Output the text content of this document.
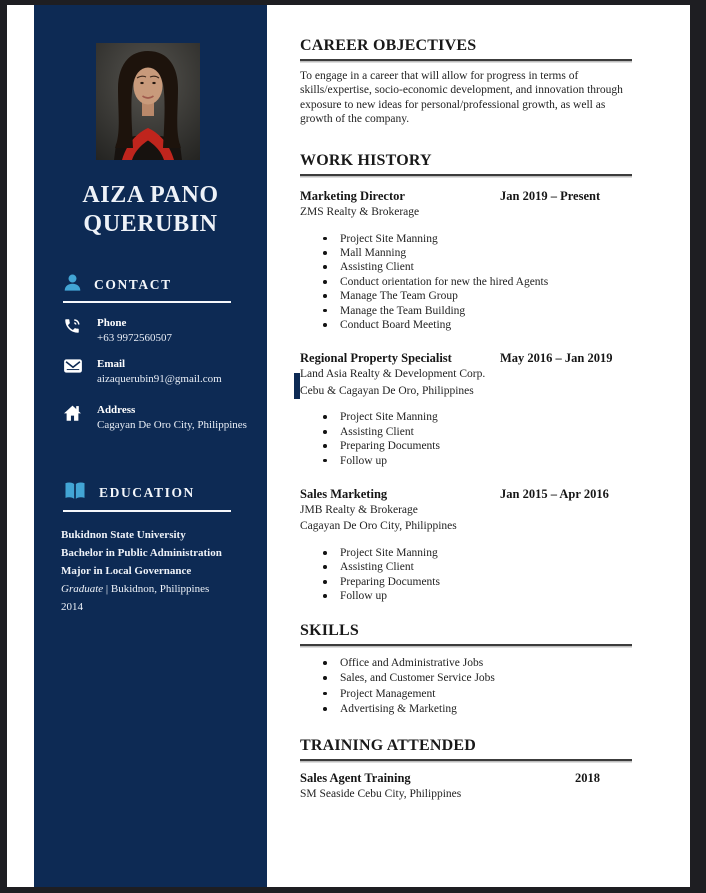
AIZA PANO
QUERUBIN
CONTACT
Phone
+63 9972560507
Email
aizaquerubin91@gmail.com
Address
Cagayan De Oro City, Philippines
EDUCATION
Bukidnon State University
Bachelor in Public Administration
Major in Local Governance
Graduate | Bukidnon, Philippines
2014
CAREER OBJECTIVES
To engage in a career that will allow for progress in terms of skills/expertise, socio-economic development, and innovation through exposure to new ideas for personal/professional growth, as well as growth of the company.
WORK HISTORY
Marketing Director	Jan 2019 – Present
ZMS Realty & Brokerage
Project Site Manning
Mall Manning
Assisting Client
Conduct orientation for new the hired Agents
Manage The Team Group
Manage the Team Building
Conduct Board Meeting
Regional Property Specialist	May 2016 – Jan 2019
Land Asia Realty & Development Corp.
Cebu & Cagayan De Oro, Philippines
Project Site Manning
Assisting Client
Preparing Documents
Follow up
Sales Marketing	Jan 2015 – Apr 2016
JMB Realty & Brokerage
Cagayan De Oro City, Philippines
Project Site Manning
Assisting Client
Preparing Documents
Follow up
SKILLS
Office and Administrative Jobs
Sales, and Customer Service Jobs
Project Management
Advertising & Marketing
TRAINING ATTENDED
Sales Agent Training	2018
SM Seaside Cebu City, Philippines
